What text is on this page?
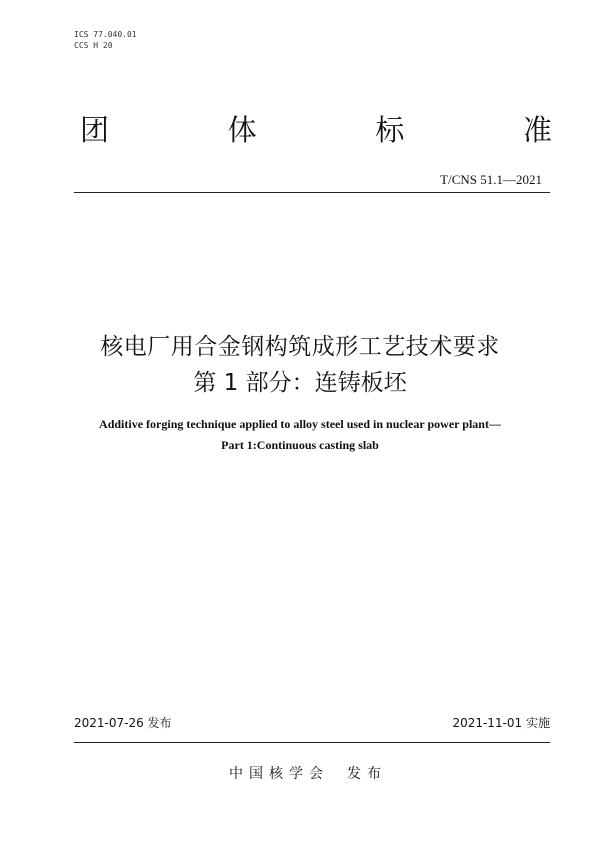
ICS 77.040.01
CCS H 20
团	体	标	准
T/CNS 51.1—2021
核电厂用合金钢构筑成形工艺技术要求
第 1 部分：连铸板坯
Additive forging technique applied to alloy steel used in nuclear power plant—
Part 1:Continuous casting slab
2021-07-26 发布	2021-11-01 实施
中国核学会 发布
